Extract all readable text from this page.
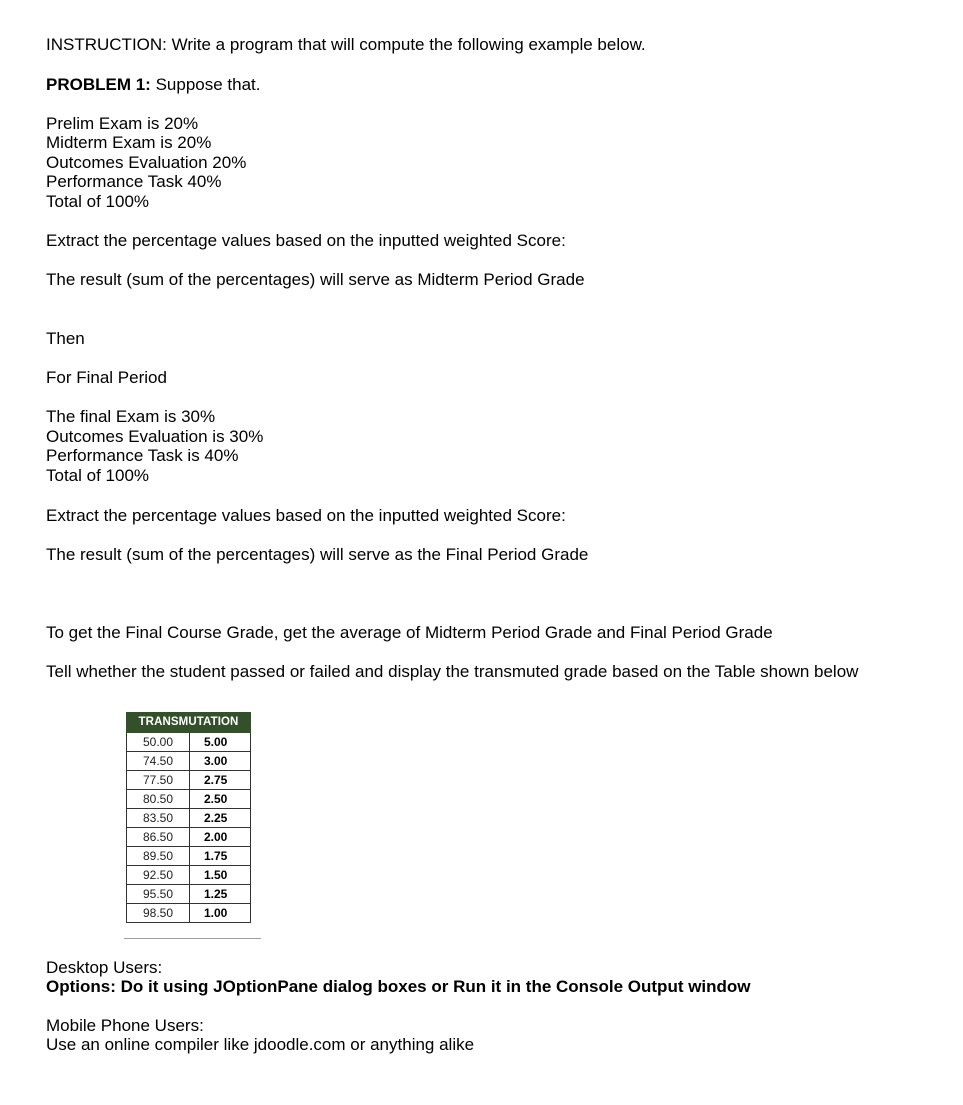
INSTRUCTION: Write a program that will compute the following example below.
PROBLEM 1: Suppose that.
Prelim Exam is 20%
Midterm Exam is 20%
Outcomes Evaluation 20%
Performance Task 40%
Total of 100%
Extract the percentage values based on the inputted weighted Score:
The result (sum of the percentages) will serve as Midterm Period Grade
Then
For Final Period
The final Exam is 30%
Outcomes Evaluation is 30%
Performance Task is 40%
Total of 100%
Extract the percentage values based on the inputted weighted Score:
The result (sum of the percentages) will serve as the Final Period Grade
To get the Final Course Grade, get the average of Midterm Period Grade and Final Period Grade
Tell whether the student passed or failed and display the transmuted grade based on the Table shown below
TRANSMUTATION	
50.00	5.00
74.50	3.00
77.50	2.75
80.50	2.50
83.50	2.25
86.50	2.00
89.50	1.75
92.50	1.50
95.50	1.25
98.50	1.00
Desktop Users:
Options: Do it using JOptionPane dialog boxes or Run it in the Console Output window
Mobile Phone Users:
Use an online compiler like jdoodle.com or anything alike
